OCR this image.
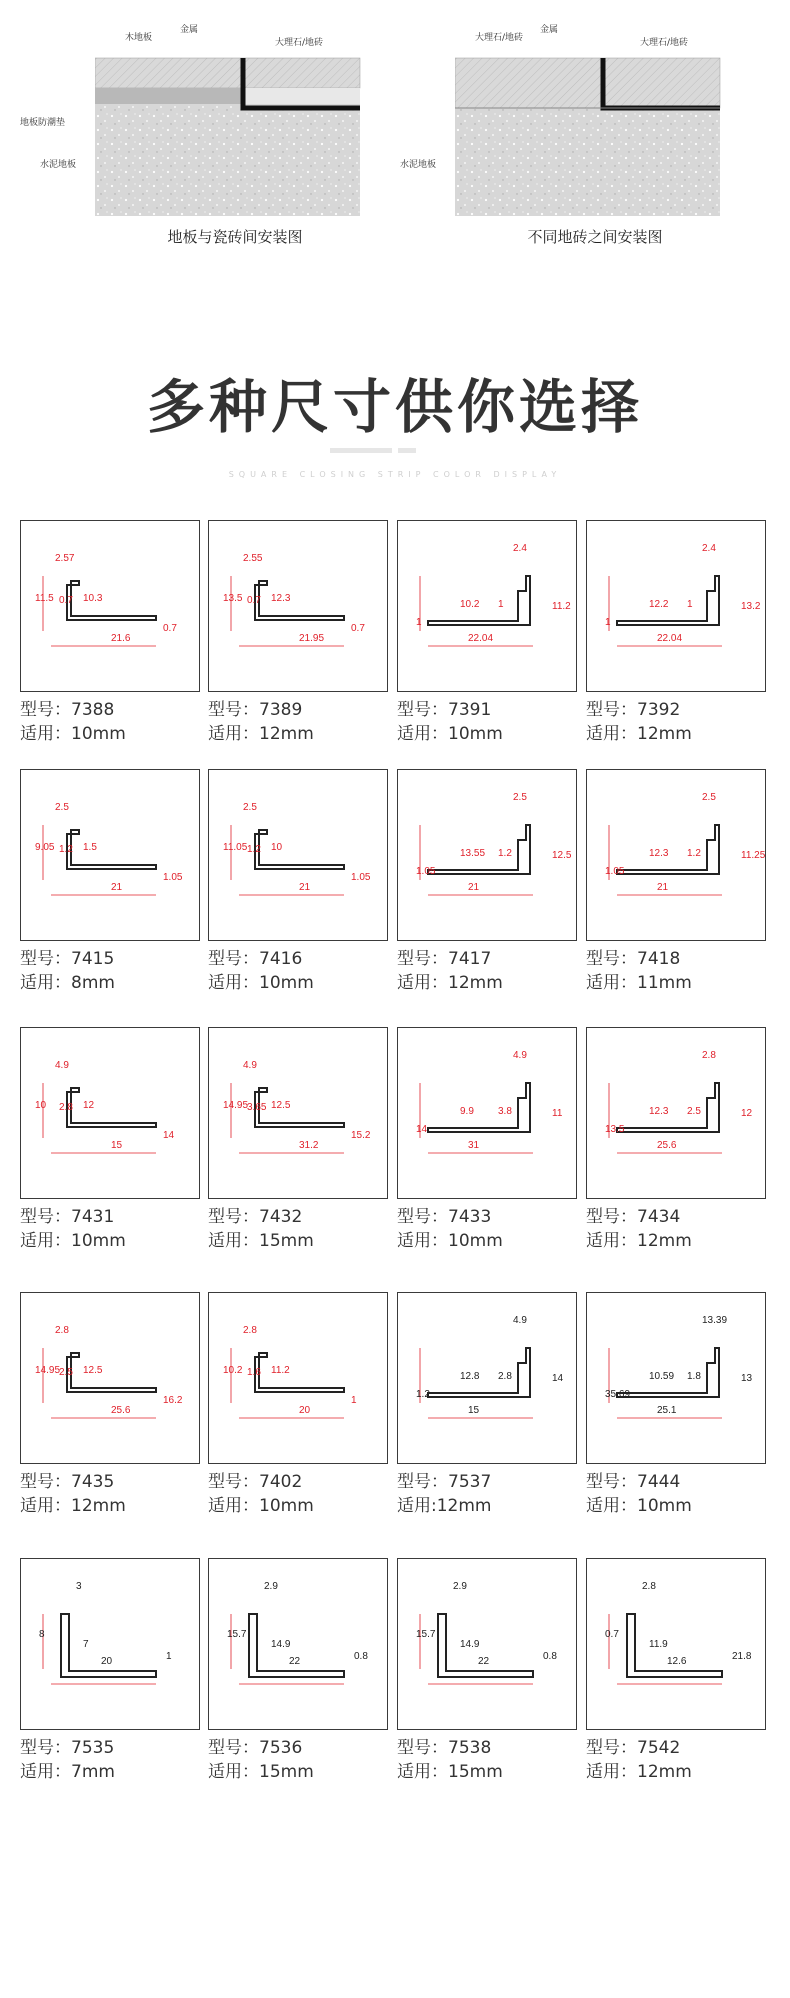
木地板
金属
大理石/地砖
地板防潮垫
水泥地板
地板与瓷砖间安装图
大理石/地砖
金属
大理石/地砖
水泥地板
不同地砖之间安装图
多种尺寸供你选择
SQUARE CLOSING STRIP COLOR DISPLAY
2.57
11.5 0.7 10.3
21.6
0.7
型号：7388
适用：10mm
2.55
13.5 0.7 12.3
21.95
0.7
型号：7389
适用：12mm
2.4
10.2 1	11.2
22.04
1
型号：7391
适用：10mm
2.4
12.2 1	13.2
22.04
1
型号：7392
适用：12mm
2.5
9.05 1.2 1.5
21
1.05
型号：7415
适用：8mm
2.5
11.05 1.2 10
21
1.05
型号：7416
适用：10mm
2.5
13.55 1.2	12.5
21
1.05
型号：7417
适用：12mm
2.5
12.3 1.2	11.25
21
1.05
型号：7418
适用：11mm
4.9
10 2.8 12
15
14
型号：7431
适用：10mm
4.9
14.95
3.65 12.5
31.2
15.2
型号：7432
适用：15mm
4.9
9.9 3.8	11
31
14
型号：7433
适用：10mm
2.8
12.3 2.5	12
25.6
13.5
型号：7434
适用：12mm
2.8
14.95
2.5 12.5
25.6
16.2
型号：7435
适用：12mm
2.8
10.2 1.6 11.2
20
1
型号：7402
适用：10mm
4.9
12.8 2.8	14
15
1.2
型号：7537
适用:12mm
13.39
10.59 1.8	13
25.1
35.69
型号：7444
适用：10mm
3
8
7
20	1
型号：7535
适用：7mm
2.9
15.7
14.9
22	0.8
型号：7536
适用：15mm
2.9
15.7
14.9
22	0.8
型号：7538
适用：15mm
2.8
0.7
11.9
12.6	21.8
型号：7542
适用：12mm
